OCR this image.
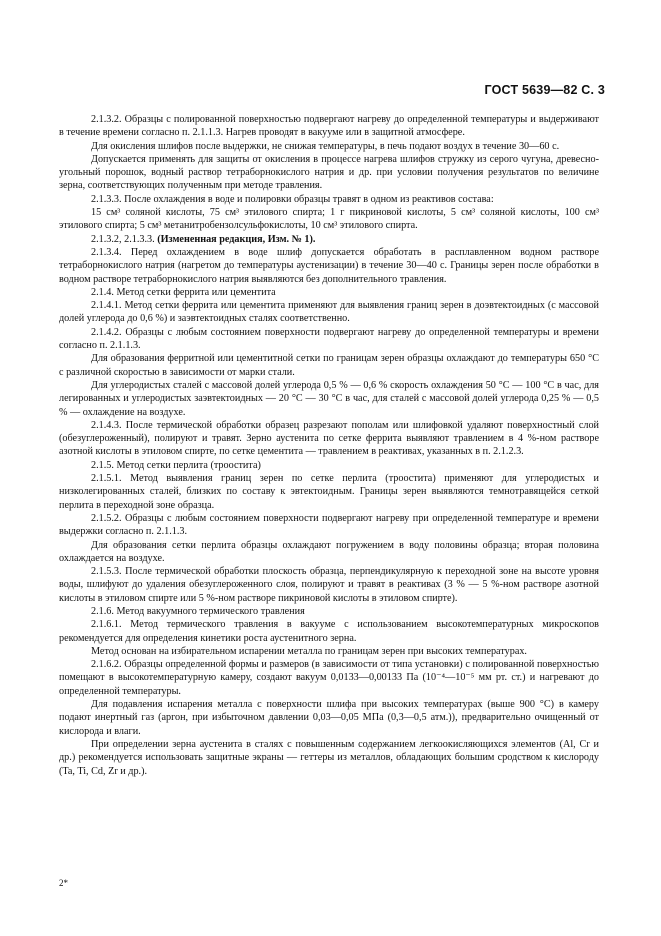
ГОСТ 5639—82 С. 3

2.1.3.2. Образцы с полированной поверхностью подвергают нагреву до определенной температуры и выдерживают в течение времени согласно п. 2.1.1.3. Нагрев проводят в вакууме или в защитной атмосфере.

Для окисления шлифов после выдержки, не снижая температуры, в печь подают воздух в течение 30—60 с.

Допускается применять для защиты от окисления в процессе нагрева шлифов стружку из серого чугуна, древесно-угольный порошок, водный раствор тетраборнокислого натрия и др. при условии получения результатов по величине зерна, соответствующих полученным при методе травления.

2.1.3.3. После охлаждения в воде и полировки образцы травят в одном из реактивов состава:

15 см³ соляной кислоты, 75 см³ этилового спирта; 1 г пикриновой кислоты, 5 см³ соляной кислоты, 100 см³ этилового спирта; 5 см³ метанитробензолсульфокислоты, 10 см³ этилового спирта.

2.1.3.2, 2.1.3.3. (Измененная редакция, Изм. № 1).

2.1.3.4. Перед охлаждением в воде шлиф допускается обработать в расплавленном водном растворе тетраборнокислого натрия (нагретом до температуры аустенизации) в течение 30—40 с. Границы зерен после обработки в водном растворе тетраборнокислого натрия выявляются без дополнительного травления.

2.1.4. Метод сетки феррита или цементита

2.1.4.1. Метод сетки феррита или цементита применяют для выявления границ зерен в доэвтектоидных (с массовой долей углерода до 0,6 %) и заэвтектоидных сталях соответственно.

2.1.4.2. Образцы с любым состоянием поверхности подвергают нагреву до определенной температуры и времени согласно п. 2.1.1.3.

Для образования ферритной или цементитной сетки по границам зерен образцы охлаждают до температуры 650 °С с различной скоростью в зависимости от марки стали.

Для углеродистых сталей с массовой долей углерода 0,5 % — 0,6 % скорость охлаждения 50 °С — 100 °С в час, для легированных и углеродистых заэвтектоидных — 20 °С — 30 °С в час, для сталей с массовой долей углерода 0,25 % — 0,5 % — охлаждение на воздухе.

2.1.4.3. После термической обработки образец разрезают пополам или шлифовкой удаляют поверхностный слой (обезуглероженный), полируют и травят. Зерно аустенита по сетке феррита выявляют травлением в 4 %-ном растворе азотной кислоты в этиловом спирте, по сетке цементита — травлением в реактивах, указанных в п. 2.1.2.3.

2.1.5. Метод сетки перлита (троостита)

2.1.5.1. Метод выявления границ зерен по сетке перлита (троостита) применяют для углеродистых и низколегированных сталей, близких по составу к эвтектоидным. Границы зерен выявляются темнотравящейся сеткой перлита в переходной зоне образца.

2.1.5.2. Образцы с любым состоянием поверхности подвергают нагреву при определенной температуре и времени выдержки согласно п. 2.1.1.3.

Для образования сетки перлита образцы охлаждают погружением в воду половины образца; вторая половина охлаждается на воздухе.

2.1.5.3. После термической обработки плоскость образца, перпендикулярную к переходной зоне на высоте уровня воды, шлифуют до удаления обезуглероженного слоя, полируют и травят в реактивах (3 % — 5 %-ном растворе азотной кислоты в этиловом спирте или 5 %-ном растворе пикриновой кислоты в этиловом спирте).

2.1.6. Метод вакуумного термического травления

2.1.6.1. Метод термического травления в вакууме с использованием высокотемпературных микроскопов рекомендуется для определения кинетики роста аустенитного зерна.

Метод основан на избирательном испарении металла по границам зерен при высоких температурах.

2.1.6.2. Образцы определенной формы и размеров (в зависимости от типа установки) с полированной поверхностью помещают в высокотемпературную камеру, создают вакуум 0,0133—0,00133 Па (10⁻⁴—10⁻⁵ мм рт. ст.) и нагревают до определенной температуры.

Для подавления испарения металла с поверхности шлифа при высоких температурах (выше 900 °С) в камеру подают инертный газ (аргон, при избыточном давлении 0,03—0,05 МПа (0,3—0,5 атм.)), предварительно очищенный от кислорода и влаги.

При определении зерна аустенита в сталях с повышенным содержанием легкоокисляющихся элементов (Al, Cr и др.) рекомендуется использовать защитные экраны — геттеры из металлов, обладающих большим сродством к кислороду (Ta, Ti, Cd, Zr и др.).

2*
